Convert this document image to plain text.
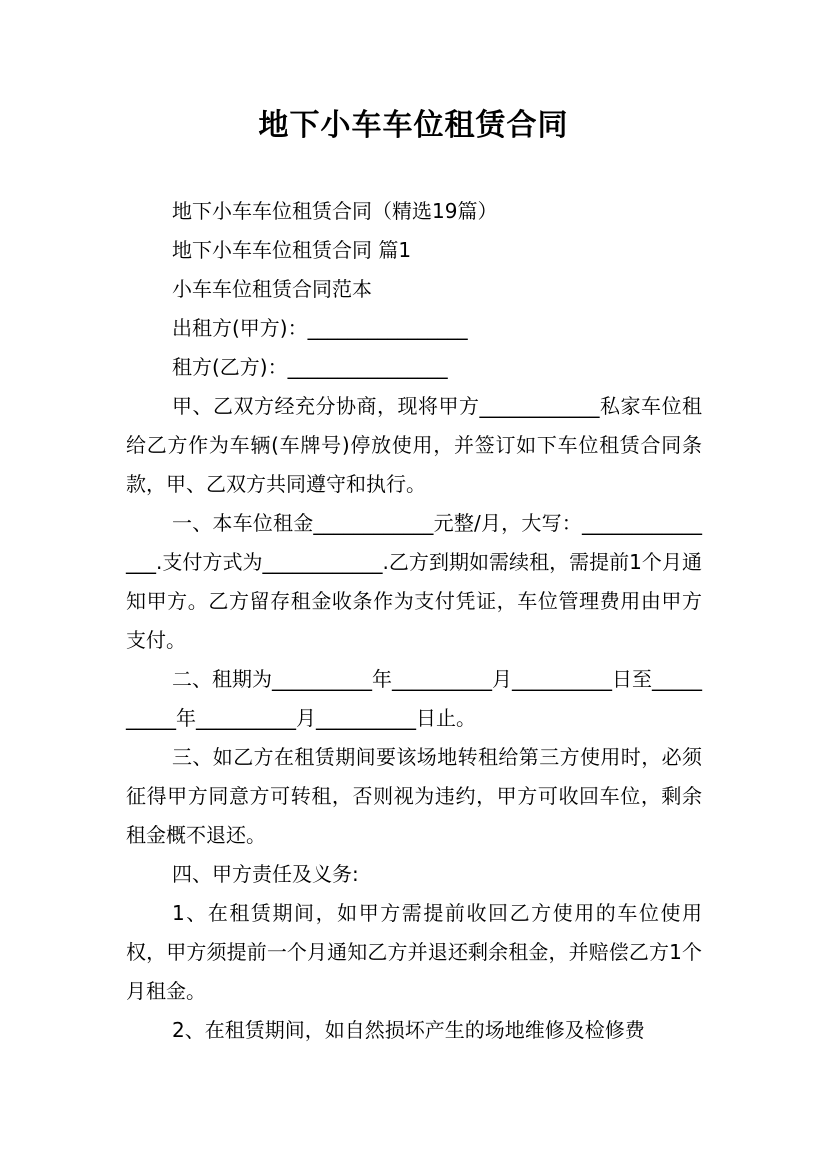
地下小车车位租赁合同

地下小车车位租赁合同（精选19篇）

地下小车车位租赁合同 篇1

小车车位租赁合同范本

出租方(甲方)：________________

租方(乙方)：________________

甲、乙双方经充分协商，现将甲方____________私家车位租给乙方作为车辆(车牌号)停放使用，并签订如下车位租赁合同条款，甲、乙双方共同遵守和执行。

一、本车位租金____________元整/月，大写：_______________.支付方式为____________.乙方到期如需续租，需提前1个月通知甲方。乙方留存租金收条作为支付凭证，车位管理费用由甲方支付。

二、租期为__________年__________月__________日至__________年__________月__________日止。

三、如乙方在租赁期间要该场地转租给第三方使用时，必须征得甲方同意方可转租，否则视为违约，甲方可收回车位，剩余租金概不退还。

四、甲方责任及义务:

1、在租赁期间，如甲方需提前收回乙方使用的车位使用权，甲方须提前一个月通知乙方并退还剩余租金，并赔偿乙方1个月租金。

2、在租赁期间，如自然损坏产生的场地维修及检修费
